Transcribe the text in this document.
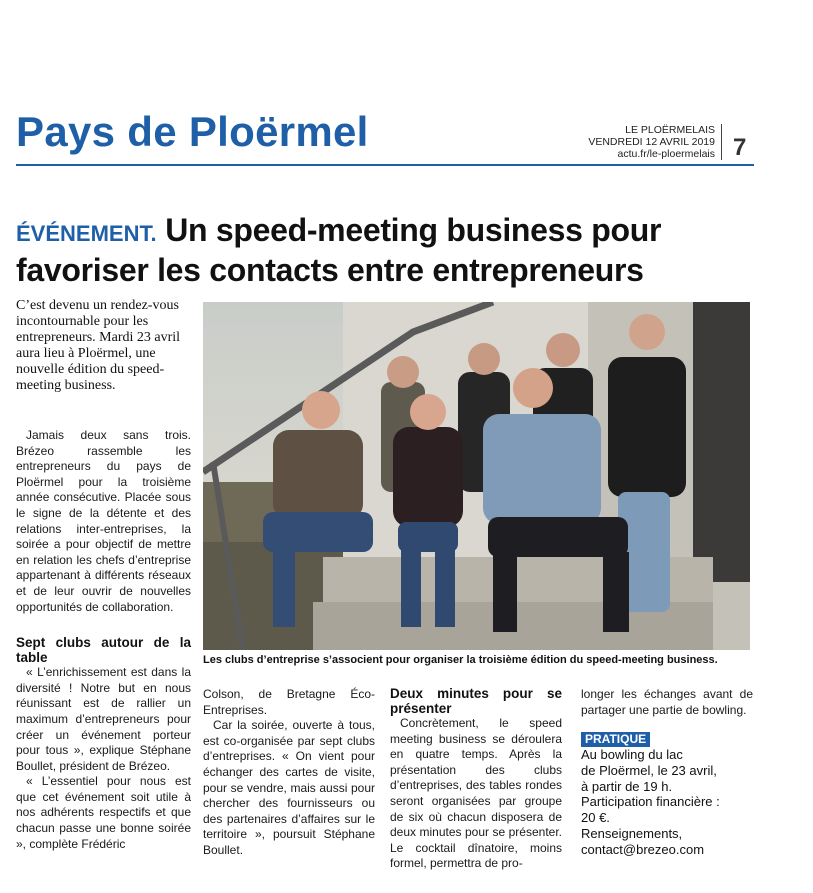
Pays de Ploërmel	LE PLOËRMELAIS
VENDREDI 12 AVRIL 2019
actu.fr/le-ploermelais 7
ÉVÉNEMENT. Un speed-meeting business pour favoriser les contacts entre entrepreneurs
C’est devenu un rendez-vous incontournable pour les entrepreneurs. Mardi 23 avril aura lieu à Ploërmel, une nouvelle édition du speed-meeting business.

Jamais deux sans trois. Brézeo rassemble les entrepreneurs du pays de Ploërmel pour la troisième année consécutive. Placée sous le signe de la détente et des relations inter-entreprises, la soirée a pour objectif de mettre en relation les chefs d’entreprise appartenant à différents réseaux et de leur ouvrir de nouvelles opportunités de collaboration.

Sept clubs autour de la table

« L’enrichissement est dans la diversité ! Notre but en nous réunissant est de rallier un maximum d’entrepreneurs pour créer un événement porteur pour tous », explique Stéphane Boullet, président de Brézeo.

« L’essentiel pour nous est que cet événement soit utile à nos adhérents respectifs et que chacun passe une bonne soirée », complète Frédéric

Les clubs d’entreprise s’associent pour organiser la troisième édition du speed-meeting business.

Colson, de Bretagne Éco-Entreprises.

Car la soirée, ouverte à tous, est co-organisée par sept clubs d’entreprises. « On vient pour échanger des cartes de visite, pour se vendre, mais aussi pour chercher des fournisseurs ou des partenaires d’affaires sur le territoire », poursuit Stéphane Boullet.

Deux minutes pour se présenter

Concrètement, le speed meeting business se déroulera en quatre temps. Après la présentation des clubs d’entreprises, des tables rondes seront organisées par groupe de six où chacun disposera de deux minutes pour se présenter. Le cocktail dînatoire, moins formel, permettra de pro-

longer les échanges avant de partager une partie de bowling.

PRATIQUE
Au bowling du lac
de Ploërmel, le 23 avril,
à partir de 19 h.
Participation financière :
20 €.
Renseignements,
contact@brezeo.com
